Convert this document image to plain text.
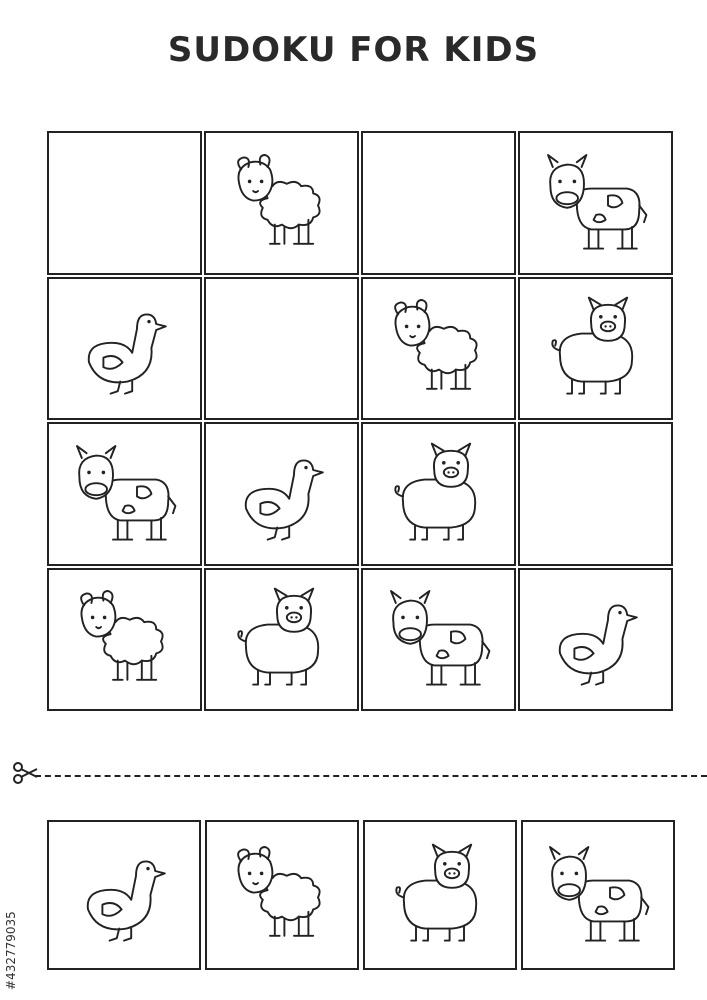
SUDOKU FOR KIDS
#432779035
